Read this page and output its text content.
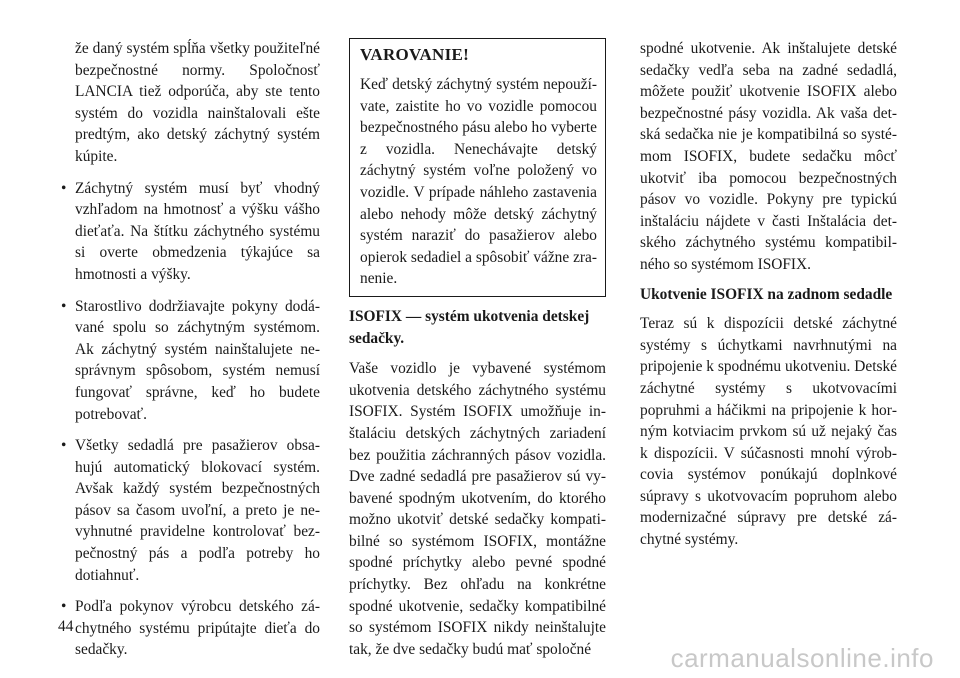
že daný systém spĺňa všetky použiteľné bezpečnostné normy. Spoločnosť LANCIA tiež odporúča, aby ste tento systém do vozidla nainštalovali ešte predtým, ako detský záchytný systém kúpite.

• Záchytný systém musí byť vhodný vzhľadom na hmotnosť a výšku vášho dieťaťa. Na štítku záchytného systému si overte obmedzenia týkajúce sa hmotnosti a výšky.
• Starostlivo dodržiavajte pokyny dodávané spolu so záchytným systémom. Ak záchytný systém nainštalujete nesprávnym spôsobom, systém nemusí fungovať správne, keď ho budete potrebovať.
• Všetky sedadlá pre pasažierov obsahujú automatický blokovací systém. Avšak každý systém bezpečnostných pásov sa časom uvoľní, a preto je nevyhnutné pravidelne kontrolovať bezpečnostný pás a podľa potreby ho dotiahnuť.
• Podľa pokynov výrobcu detského záchytného systému pripútajte dieťa do sedačky.
VAROVANIE!

Keď detský záchytný systém nepoužívate, zaistite ho vo vozidle pomocou bezpečnostného pásu alebo ho vyberte z vozidla. Nenechávajte detský záchytný systém voľne položený vo vozidle. V prípade náhleho zastavenia alebo nehody môže detský záchytný systém naraziť do pasažierov alebo opierok sedadiel a spôsobiť vážne zranenie.

ISOFIX — systém ukotvenia detskej sedačky.

Vaše vozidlo je vybavené systémom ukotvenia detského záchytného systému ISOFIX. Systém ISOFIX umožňuje inštaláciu detských záchytných zariadení bez použitia záchranných pásov vozidla. Dve zadné sedadlá pre pasažierov sú vybavené spodným ukotvením, do ktorého možno ukotviť detské sedačky kompatibilné so systémom ISOFIX, montážne spodné príchytky alebo pevné spodné príchytky. Bez ohľadu na konkrétne spodné ukotvenie, sedačky kompatibilné so systémom ISOFIX nikdy neinštalujte tak, že dve sedačky budú mať spoločné

spodné ukotvenie. Ak inštalujete detské sedačky vedľa seba na zadné sedadlá, môžete použiť ukotvenie ISOFIX alebo bezpečnostné pásy vozidla. Ak vaša detská sedačka nie je kompatibilná so systémom ISOFIX, budete sedačku môcť ukotviť iba pomocou bezpečnostných pásov vo vozidle. Pokyny pre typickú inštaláciu nájdete v časti Inštalácia detského záchytného systému kompatibilného so systémom ISOFIX.

Ukotvenie ISOFIX na zadnom sedadle

Teraz sú k dispozícii detské záchytné systémy s úchytkami navrhnutými na pripojenie k spodnému ukotveniu. Detské záchytné systémy s ukotvovacími popruhmi a háčikmi na pripojenie k horným kotviacim prvkom sú už nejaký čas k dispozícii. V súčasnosti mnohí výrobcovia systémov ponúkajú doplnkové súpravy s ukotvovacím popruhom alebo modernizačné súpravy pre detské záchytné systémy.

44
carmanualsonline.info
